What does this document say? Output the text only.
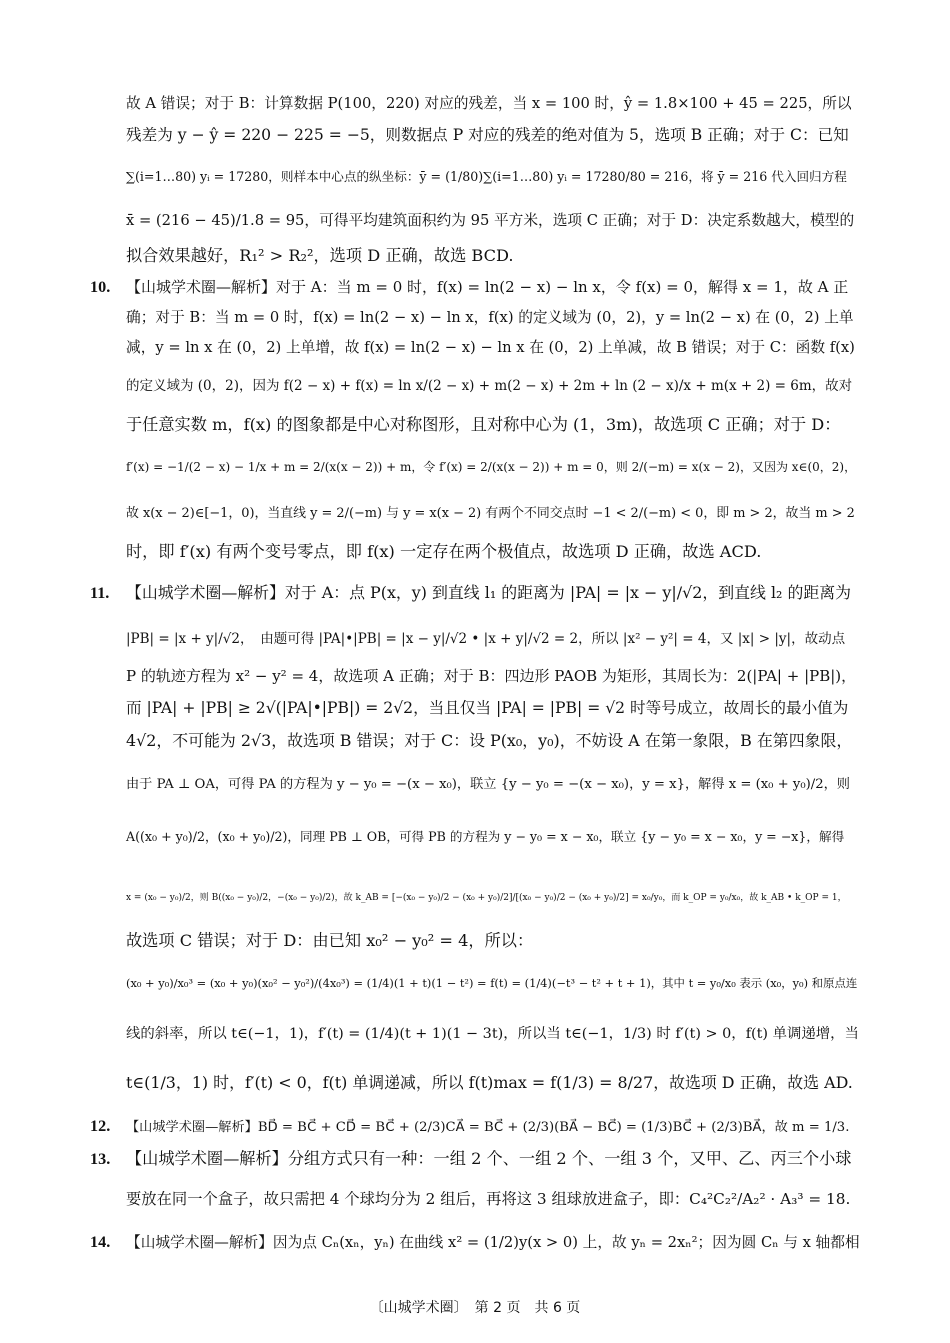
故 A 错误；对于 B：计算数据 P(100，220) 对应的残差，当 x = 100 时，ŷ = 1.8×100 + 45 = 225，所以
残差为 y − ŷ = 220 − 225 = −5，则数据点 P 对应的残差的绝对值为 5，选项 B 正确；对于 C：已知
∑(i=1…80) yᵢ = 17280，则样本中心点的纵坐标：ȳ = (1/80)∑(i=1…80) yᵢ = 17280/80 = 216，将 ȳ = 216 代入回归方程
x̄ = (216 − 45)/1.8 = 95，可得平均建筑面积约为 95 平方米，选项 C 正确；对于 D：决定系数越大，模型的
拟合效果越好，R₁² > R₂²，选项 D 正确，故选 BCD.
10. 【山城学术圈—解析】对于 A：当 m = 0 时，f(x) = ln(2 − x) − ln x，令 f(x) = 0，解得 x = 1，故 A 正
确；对于 B：当 m = 0 时，f(x) = ln(2 − x) − ln x，f(x) 的定义域为 (0，2)，y = ln(2 − x) 在 (0，2) 上单
减，y = ln x 在 (0，2) 上单增，故 f(x) = ln(2 − x) − ln x 在 (0，2) 上单减，故 B 错误；对于 C：函数 f(x)
的定义域为 (0，2)，因为 f(2 − x) + f(x) = ln x/(2 − x) + m(2 − x) + 2m + ln (2 − x)/x + m(x + 2) = 6m，故对
于任意实数 m，f(x) 的图象都是中心对称图形，且对称中心为 (1，3m)，故选项 C 正确；对于 D：
f′(x) = −1/(2 − x) − 1/x + m = 2/(x(x − 2)) + m，令 f′(x) = 2/(x(x − 2)) + m = 0，则 2/(−m) = x(x − 2)，又因为 x∈(0，2)，
故 x(x − 2)∈[−1，0)，当直线 y = 2/(−m) 与 y = x(x − 2) 有两个不同交点时 −1 < 2/(−m) < 0，即 m > 2，故当 m > 2
时，即 f′(x) 有两个变号零点，即 f(x) 一定存在两个极值点，故选项 D 正确，故选 ACD.
11. 【山城学术圈—解析】对于 A：点 P(x，y) 到直线 l₁ 的距离为 |PA| = |x − y|/√2，到直线 l₂ 的距离为
|PB| = |x + y|/√2，　由题可得 |PA|•|PB| = |x − y|/√2 • |x + y|/√2 = 2，所以 |x² − y²| = 4，又 |x| > |y|，故动点
P 的轨迹方程为 x² − y² = 4，故选项 A 正确；对于 B：四边形 PAOB 为矩形，其周长为：2(|PA| + |PB|)，
而 |PA| + |PB| ≥ 2√(|PA|•|PB|) = 2√2，当且仅当 |PA| = |PB| = √2 时等号成立，故周长的最小值为
4√2，不可能为 2√3，故选项 B 错误；对于 C：设 P(x₀，y₀)，不妨设 A 在第一象限，B 在第四象限，
由于 PA ⊥ OA，可得 PA 的方程为 y − y₀ = −(x − x₀)，联立 {y − y₀ = −(x − x₀)，y = x}，解得 x = (x₀ + y₀)/2，则
A((x₀ + y₀)/2，(x₀ + y₀)/2)，同理 PB ⊥ OB，可得 PB 的方程为 y − y₀ = x − x₀，联立 {y − y₀ = x − x₀，y = −x}，解得
x = (x₀ − y₀)/2，则 B((x₀ − y₀)/2，−(x₀ − y₀)/2)，故 k_AB = [−(x₀ − y₀)/2 − (x₀ + y₀)/2]/[(x₀ − y₀)/2 − (x₀ + y₀)/2] = x₀/y₀，而 k_OP = y₀/x₀，故 k_AB • k_OP = 1，
故选项 C 错误；对于 D：由已知 x₀² − y₀² = 4，所以：
(x₀ + y₀)/x₀³ = (x₀ + y₀)(x₀² − y₀²)/(4x₀³) = (1/4)(1 + t)(1 − t²) = f(t) = (1/4)(−t³ − t² + t + 1)，其中 t = y₀/x₀ 表示 (x₀，y₀) 和原点连
线的斜率，所以 t∈(−1，1)，f′(t) = (1/4)(t + 1)(1 − 3t)，所以当 t∈(−1，1/3) 时 f′(t) > 0，f(t) 单调递增，当
t∈(1/3，1) 时，f′(t) < 0，f(t) 单调递减，所以 f(t)max = f(1/3) = 8/27，故选项 D 正确，故选 AD.
12. 【山城学术圈—解析】BD⃗ = BC⃗ + CD⃗ = BC⃗ + (2/3)CA⃗ = BC⃗ + (2/3)(BA⃗ − BC⃗) = (1/3)BC⃗ + (2/3)BA⃗，故 m = 1/3.
13. 【山城学术圈—解析】分组方式只有一种：一组 2 个、一组 2 个、一组 3 个，又甲、乙、丙三个小球
要放在同一个盒子，故只需把 4 个球均分为 2 组后，再将这 3 组球放进盒子，即：C₄²C₂²/A₂² · A₃³ = 18.
14. 【山城学术圈—解析】因为点 Cₙ(xₙ，yₙ) 在曲线 x² = (1/2)y(x > 0) 上，故 yₙ = 2xₙ²；因为圆 Cₙ 与 x 轴都相
〔山城学术圈〕　第 2 页　共 6 页
